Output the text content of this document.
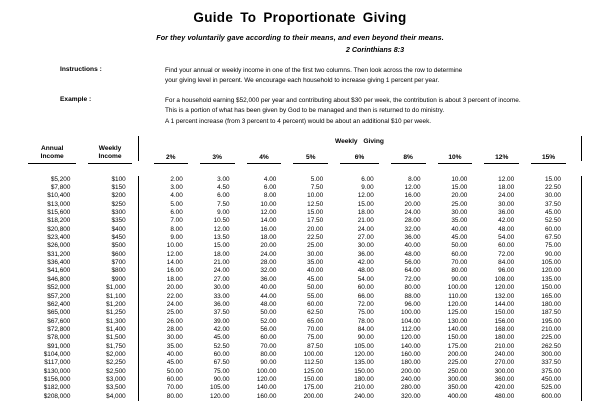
Guide To Proportionate Giving
For they voluntarily gave according to their means, and even beyond their means.
2 Corinthians 8:3
Instructions :	Find your annual or weekly income in one of the first two columns. Then look across the row to determine
your giving level in percent. We encourage each household to increase giving 1 percent per year.
Example :	For a household earning $52,000 per year and contributing about $30 per week, the contribution is about 3 percent of income.
This is a portion of what has been given by God to be managed and then is returned to do ministry.
A 1 percent increase (from 3 percent to 4 percent) would be about an additional $10 per week.
							Weekly Giving					

Annual
Income	Weekly
Income		2%	3%	4%	5%	6%	8%	10%	12%	15%	

$5,200	$100		2.00	3.00	4.00	5.00	6.00	8.00	10.00	12.00	15.00	
$7,800	$150		3.00	4.50	6.00	7.50	9.00	12.00	15.00	18.00	22.50	
$10,400	$200		4.00	6.00	8.00	10.00	12.00	16.00	20.00	24.00	30.00	
$13,000	$250		5.00	7.50	10.00	12.50	15.00	20.00	25.00	30.00	37.50	
$15,600	$300		6.00	9.00	12.00	15.00	18.00	24.00	30.00	36.00	45.00	
$18,200	$350		7.00	10.50	14.00	17.50	21.00	28.00	35.00	42.00	52.50	
$20,800	$400		8.00	12.00	16.00	20.00	24.00	32.00	40.00	48.00	60.00	
$23,400	$450		9.00	13.50	18.00	22.50	27.00	36.00	45.00	54.00	67.50	
$26,000	$500		10.00	15.00	20.00	25.00	30.00	40.00	50.00	60.00	75.00	
$31,200	$600		12.00	18.00	24.00	30.00	36.00	48.00	60.00	72.00	90.00	
$36,400	$700		14.00	21.00	28.00	35.00	42.00	56.00	70.00	84.00	105.00	
$41,600	$800		16.00	24.00	32.00	40.00	48.00	64.00	80.00	96.00	120.00	
$46,800	$900		18.00	27.00	36.00	45.00	54.00	72.00	90.00	108.00	135.00	
$52,000	$1,000		20.00	30.00	40.00	50.00	60.00	80.00	100.00	120.00	150.00	
$57,200	$1,100		22.00	33.00	44.00	55.00	66.00	88.00	110.00	132.00	165.00	
$62,400	$1,200		24.00	36.00	48.00	60.00	72.00	96.00	120.00	144.00	180.00	
$65,000	$1,250		25.00	37.50	50.00	62.50	75.00	100.00	125.00	150.00	187.50	
$67,600	$1,300		26.00	39.00	52.00	65.00	78.00	104.00	130.00	156.00	195.00	
$72,800	$1,400		28.00	42.00	56.00	70.00	84.00	112.00	140.00	168.00	210.00	
$78,000	$1,500		30.00	45.00	60.00	75.00	90.00	120.00	150.00	180.00	225.00	
$91,000	$1,750		35.00	52.50	70.00	87.50	105.00	140.00	175.00	210.00	262.50	
$104,000	$2,000		40.00	60.00	80.00	100.00	120.00	160.00	200.00	240.00	300.00	
$117,000	$2,250		45.00	67.50	90.00	112.50	135.00	180.00	225.00	270.00	337.50	
$130,000	$2,500		50.00	75.00	100.00	125.00	150.00	200.00	250.00	300.00	375.00	
$156,000	$3,000		60.00	90.00	120.00	150.00	180.00	240.00	300.00	360.00	450.00	
$182,000	$3,500		70.00	105.00	140.00	175.00	210.00	280.00	350.00	420.00	525.00	
$208,000	$4,000		80.00	120.00	160.00	200.00	240.00	320.00	400.00	480.00	600.00	
